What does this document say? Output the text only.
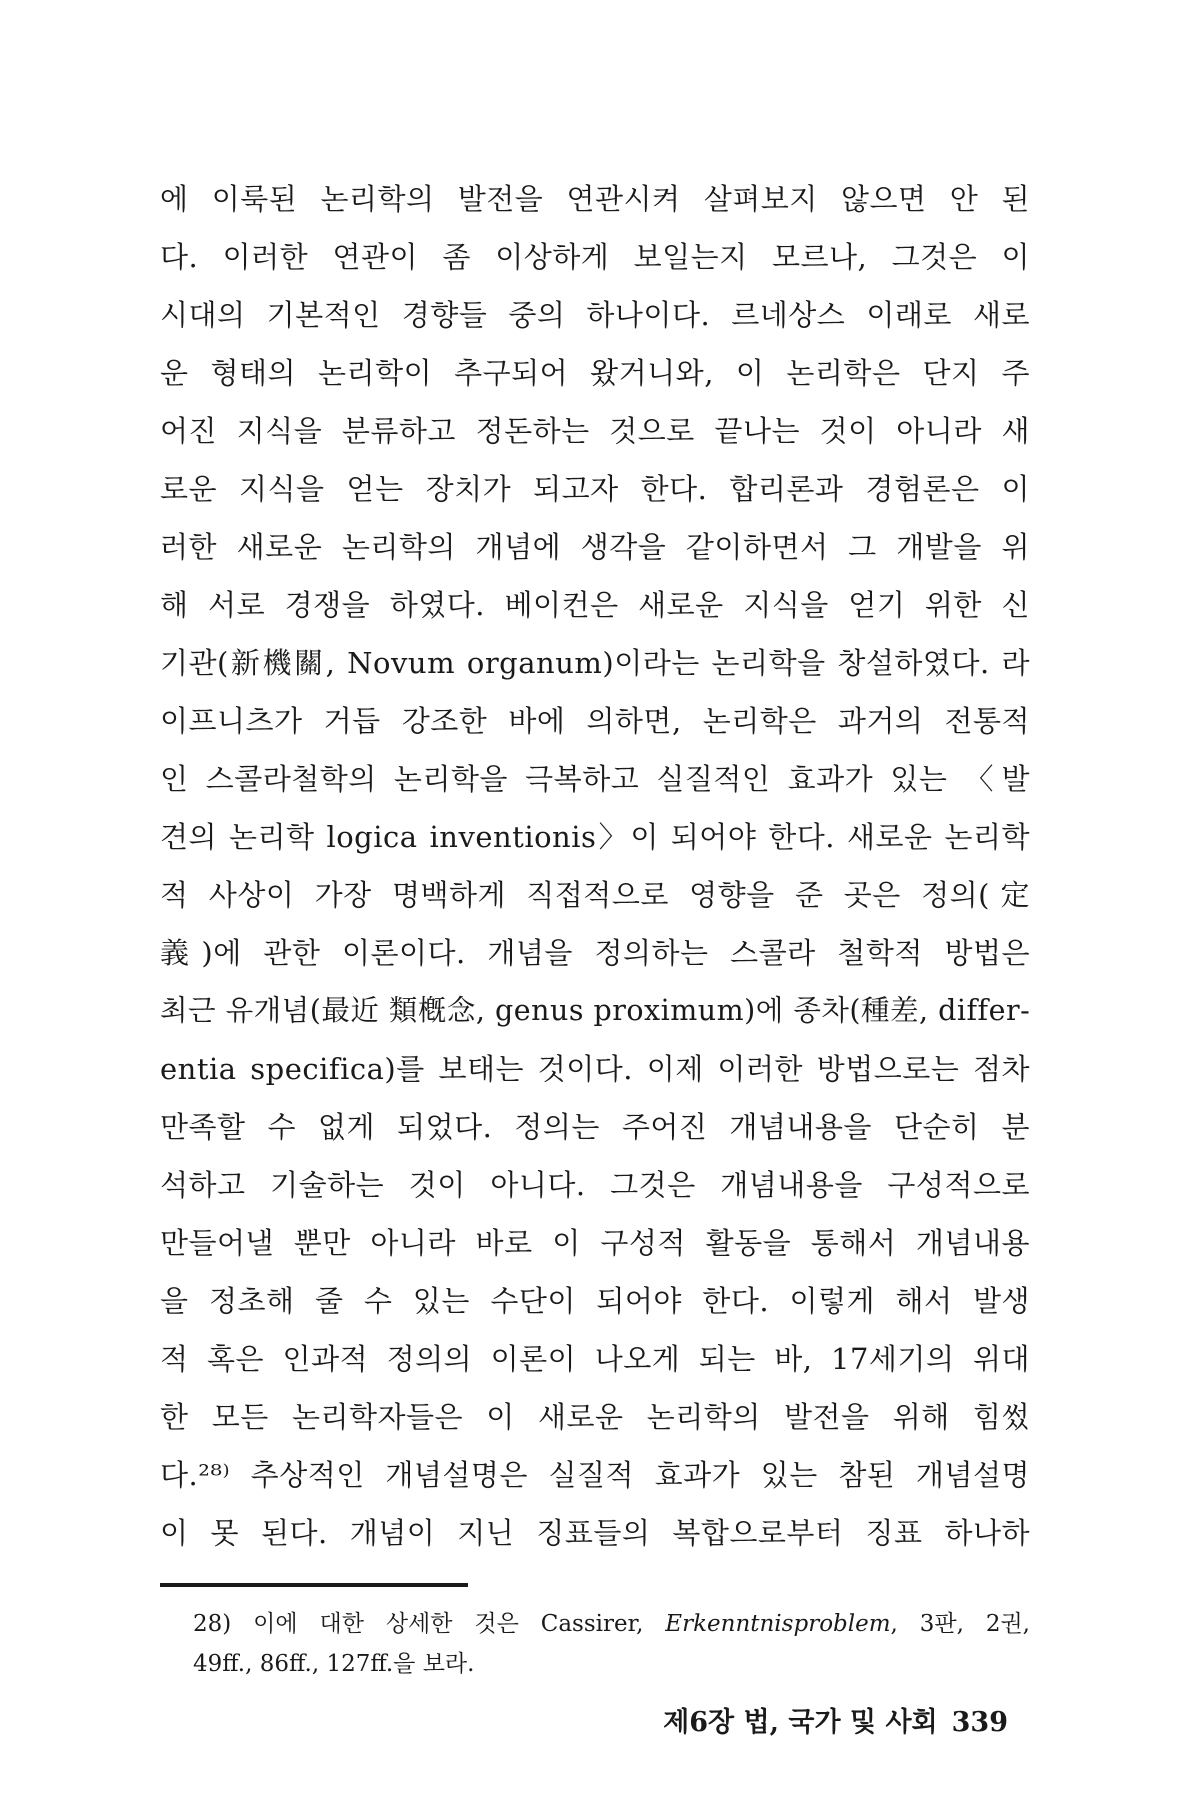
에 이룩된 논리학의 발전을 연관시켜 살펴보지 않으면 안 된
다. 이러한 연관이 좀 이상하게 보일는지 모르나, 그것은 이
시대의 기본적인 경향들 중의 하나이다. 르네상스 이래로 새로
운 형태의 논리학이 추구되어 왔거니와, 이 논리학은 단지 주
어진 지식을 분류하고 정돈하는 것으로 끝나는 것이 아니라 새
로운 지식을 얻는 장치가 되고자 한다. 합리론과 경험론은 이
러한 새로운 논리학의 개념에 생각을 같이하면서 그 개발을 위
해 서로 경쟁을 하였다. 베이컨은 새로운 지식을 얻기 위한 신
기관(新機關, Novum organum)이라는 논리학을 창설하였다. 라
이프니츠가 거듭 강조한 바에 의하면, 논리학은 과거의 전통적
인 스콜라철학의 논리학을 극복하고 실질적인 효과가 있는 〈발
견의 논리학 logica inventionis〉이 되어야 한다. 새로운 논리학
적 사상이 가장 명백하게 직접적으로 영향을 준 곳은 정의(定
義)에 관한 이론이다. 개념을 정의하는 스콜라 철학적 방법은
최근 유개념(最近 類槪念, genus proximum)에 종차(種差, differ-
entia specifica)를 보태는 것이다. 이제 이러한 방법으로는 점차
만족할 수 없게 되었다. 정의는 주어진 개념내용을 단순히 분
석하고 기술하는 것이 아니다. 그것은 개념내용을 구성적으로
만들어낼 뿐만 아니라 바로 이 구성적 활동을 통해서 개념내용
을 정초해 줄 수 있는 수단이 되어야 한다. 이렇게 해서 발생
적 혹은 인과적 정의의 이론이 나오게 되는 바, 17세기의 위대
한 모든 논리학자들은 이 새로운 논리학의 발전을 위해 힘썼
다.²⁸⁾ 추상적인 개념설명은 실질적 효과가 있는 참된 개념설명
이 못 된다. 개념이 지닌 징표들의 복합으로부터 징표 하나하
28) 이에 대한 상세한 것은 Cassirer, Erkenntnisproblem, 3판, 2권,
49ff., 86ff., 127ff.을 보라.
제6장 법, 국가 및 사회 339
